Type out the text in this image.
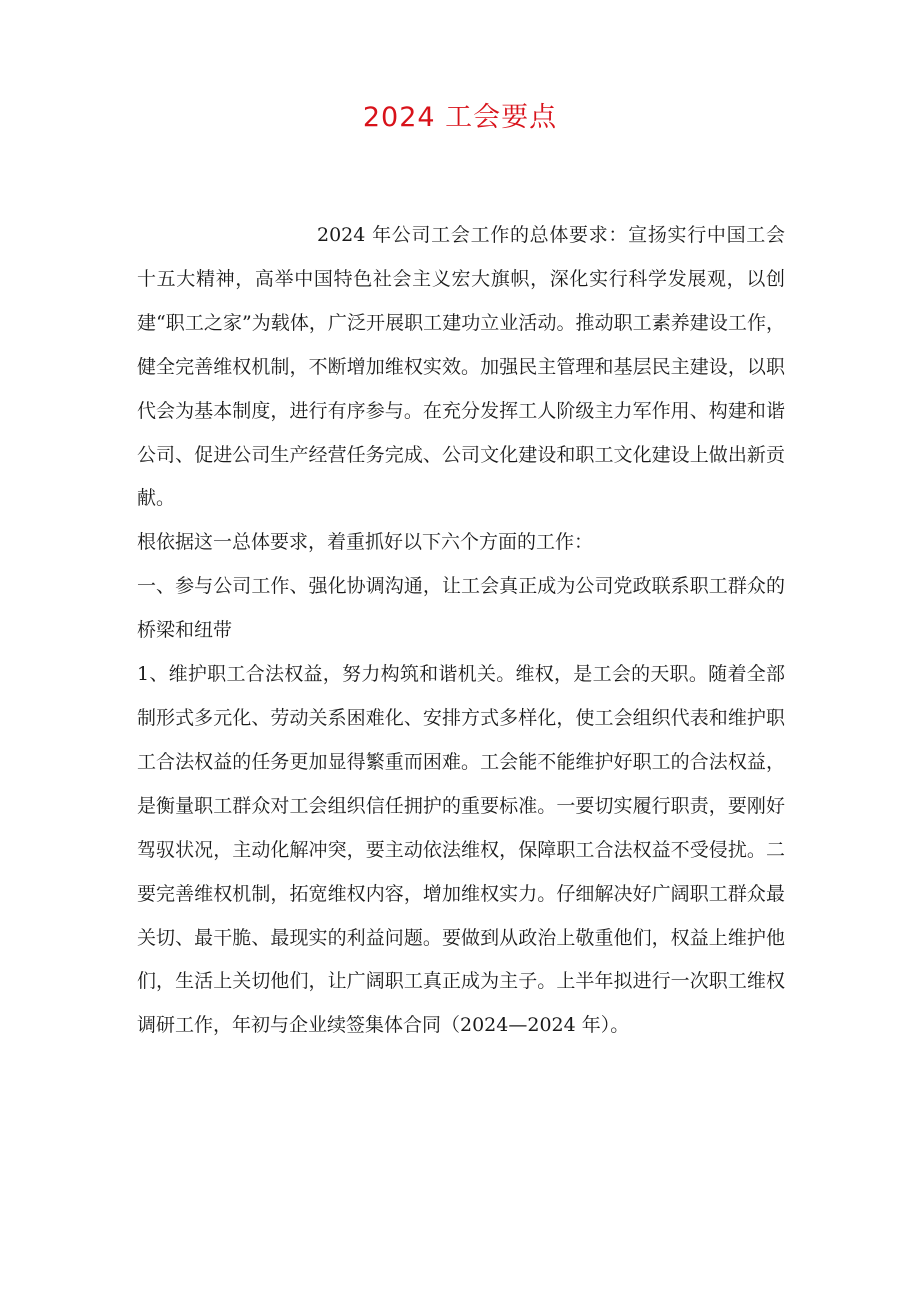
2024 工会要点

2024 年公司工会工作的总体要求：宣扬实行中国工会十五大精神，高举中国特色社会主义宏大旗帜，深化实行科学发展观，以创建“职工之家”为载体，广泛开展职工建功立业活动。推动职工素养建设工作，健全完善维权机制，不断增加维权实效。加强民主管理和基层民主建设，以职代会为基本制度，进行有序参与。在充分发挥工人阶级主力军作用、构建和谐公司、促进公司生产经营任务完成、公司文化建设和职工文化建设上做出新贡献。

根依据这一总体要求，着重抓好以下六个方面的工作：

一、参与公司工作、强化协调沟通，让工会真正成为公司党政联系职工群众的桥梁和纽带

1、维护职工合法权益，努力构筑和谐机关。维权，是工会的天职。随着全部制形式多元化、劳动关系困难化、安排方式多样化，使工会组织代表和维护职工合法权益的任务更加显得繁重而困难。工会能不能维护好职工的合法权益，是衡量职工群众对工会组织信任拥护的重要标准。一要切实履行职责，要刚好驾驭状况，主动化解冲突，要主动依法维权，保障职工合法权益不受侵扰。二要完善维权机制，拓宽维权内容，增加维权实力。仔细解决好广阔职工群众最关切、最干脆、最现实的利益问题。要做到从政治上敬重他们，权益上维护他们，生活上关切他们，让广阔职工真正成为主子。上半年拟进行一次职工维权调研工作，年初与企业续签集体合同（2024—2024 年）。
